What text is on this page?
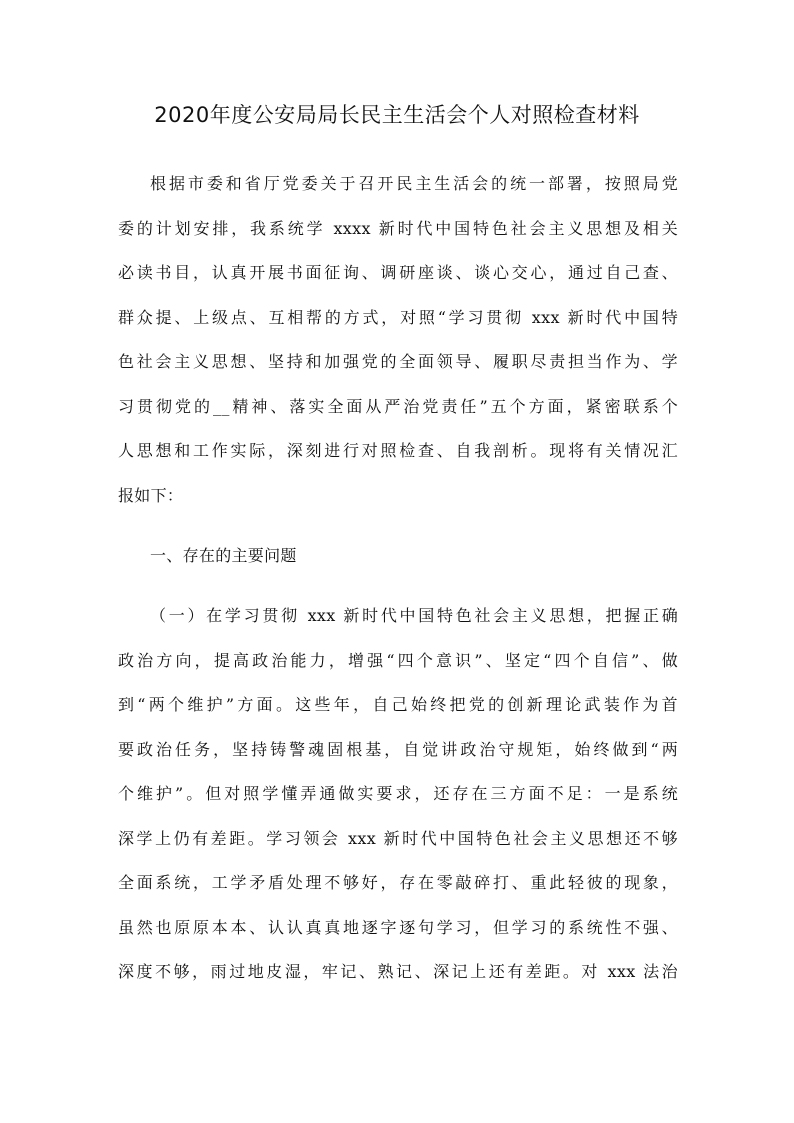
2020年度公安局局长民主生活会个人对照检查材料
根据市委和省厅党委关于召开民主生活会的统一部署，按照局党
委的计划安排，我系统学 xxxx 新时代中国特色社会主义思想及相关
必读书目，认真开展书面征询、调研座谈、谈心交心，通过自己查、
群众提、上级点、互相帮的方式，对照“学习贯彻 xxx 新时代中国特
色社会主义思想、坚持和加强党的全面领导、履职尽责担当作为、学
习贯彻党的__精神、落实全面从严治党责任”五个方面，紧密联系个
人思想和工作实际，深刻进行对照检查、自我剖析。现将有关情况汇
报如下：
一、存在的主要问题
（一）在学习贯彻 xxx 新时代中国特色社会主义思想，把握正确
政治方向，提高政治能力，增强“四个意识”、坚定“四个自信”、做
到“两个维护”方面。这些年，自己始终把党的创新理论武装作为首
要政治任务，坚持铸警魂固根基，自觉讲政治守规矩，始终做到“两
个维护”。但对照学懂弄通做实要求，还存在三方面不足：一是系统
深学上仍有差距。学习领会 xxx 新时代中国特色社会主义思想还不够
全面系统，工学矛盾处理不够好，存在零敲碎打、重此轻彼的现象，
虽然也原原本本、认认真真地逐字逐句学习，但学习的系统性不强、
深度不够，雨过地皮湿，牢记、熟记、深记上还有差距。对 xxx 法治
